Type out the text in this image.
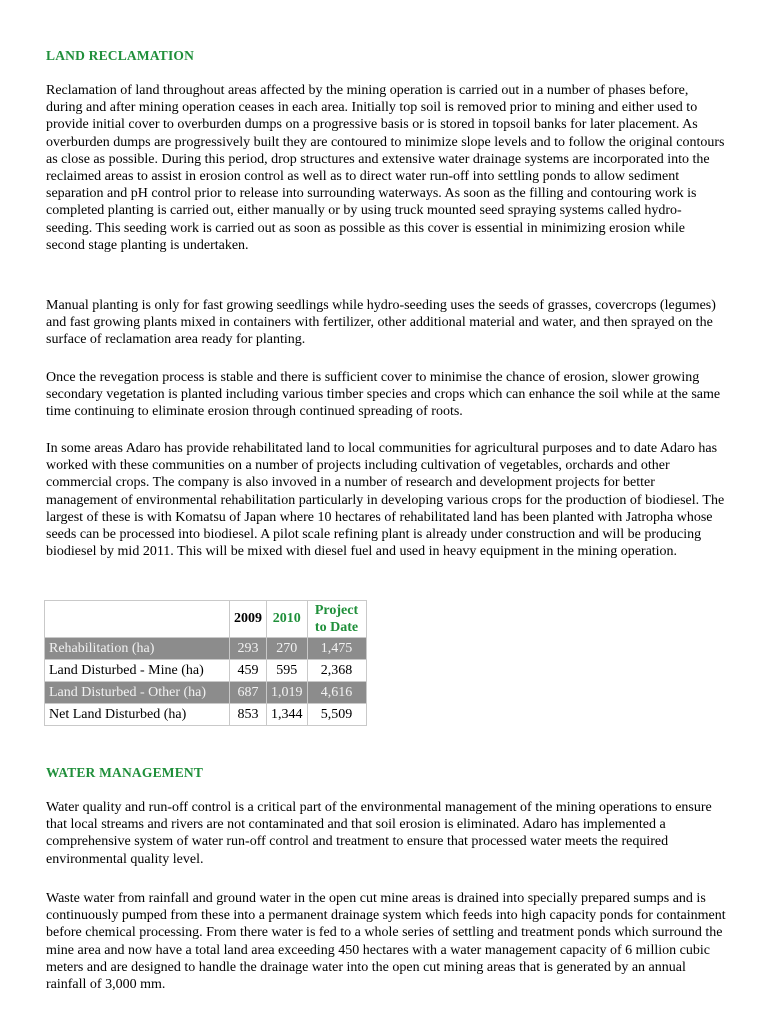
LAND RECLAMATION

Reclamation of land throughout areas affected by the mining operation is carried out in a number of phases before, during and after mining operation ceases in each area. Initially top soil is removed prior to mining and either used to provide initial cover to overburden dumps on a progressive basis or is stored in topsoil banks for later placement. As overburden dumps are progressively built they are contoured to minimize slope levels and to follow the original contours as close as possible. During this period, drop structures and extensive water drainage systems are incorporated into the reclaimed areas to assist in erosion control as well as to direct water run-off into settling ponds to allow sediment separation and pH control prior to release into surrounding waterways. As soon as the filling and contouring work is completed planting is carried out, either manually or by using truck mounted seed spraying systems called hydro-seeding. This seeding work is carried out as soon as possible as this cover is essential in minimizing erosion while second stage planting is undertaken.

Manual planting is only for fast growing seedlings while hydro-seeding uses the seeds of grasses, covercrops (legumes) and fast growing plants mixed in containers with fertilizer, other additional material and water, and then sprayed on the surface of reclamation area ready for planting.

Once the revegation process is stable and there is sufficient cover to minimise the chance of erosion, slower growing secondary vegetation is planted including various timber species and crops which can enhance the soil while at the same time continuing to eliminate erosion through continued spreading of roots.

In some areas Adaro has provide rehabilitated land to local communities for agricultural purposes and to date Adaro has worked with these communities on a number of projects including cultivation of vegetables, orchards and other commercial crops. The company is also invoved in a number of research and development projects for better management of environmental rehabilitation particularly in developing various crops for the production of biodiesel. The largest of these is with Komatsu of Japan where 10 hectares of rehabilitated land has been planted with Jatropha whose seeds can be processed into biodiesel. A pilot scale refining plant is already under construction and will be producing biodiesel by mid 2011. This will be mixed with diesel fuel and used in heavy equipment in the mining operation.

	2009	2010	Project to Date
Rehabilitation (ha)	293	270	1,475
Land Disturbed - Mine (ha)	459	595	2,368
Land Disturbed - Other (ha)	687	1,019	4,616
Net Land Disturbed (ha)	853	1,344	5,509
WATER MANAGEMENT

Water quality and run-off control is a critical part of the environmental management of the mining operations to ensure that local streams and rivers are not contaminated and that soil erosion is eliminated. Adaro has implemented a comprehensive system of water run-off control and treatment to ensure that processed water meets the required environmental quality level.

Waste water from rainfall and ground water in the open cut mine areas is drained into specially prepared sumps and is continuously pumped from these into a permanent drainage system which feeds into high capacity ponds for containment before chemical processing. From there water is fed to a whole series of settling and treatment ponds which surround the mine area and now have a total land area exceeding 450 hectares with a water management capacity of 6 million cubic meters and are designed to handle the drainage water into the open cut mining areas that is generated by an annual rainfall of 3,000 mm.
